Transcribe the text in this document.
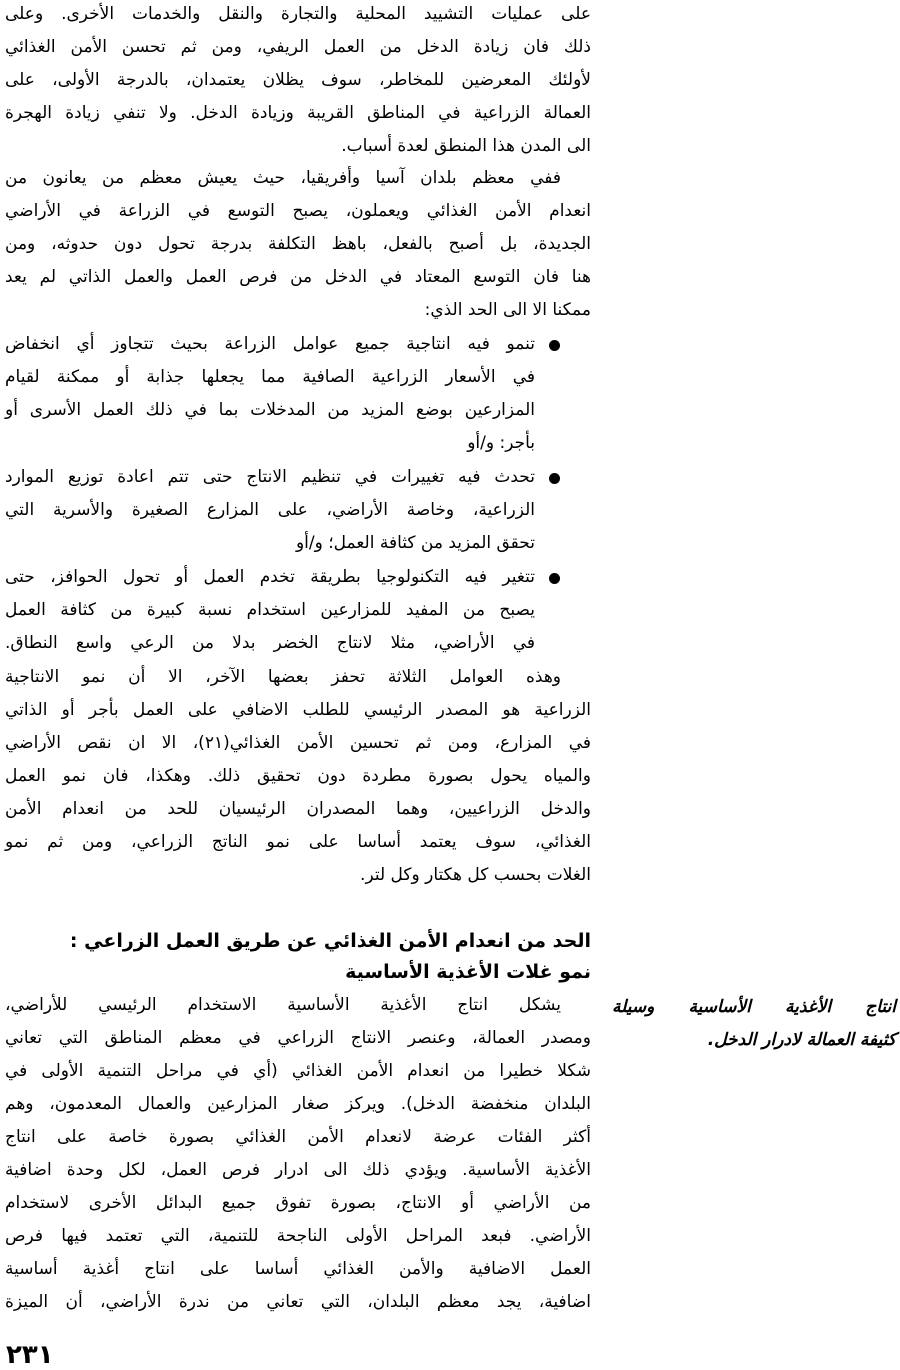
على عمليات التشييد المحلية والتجارة والنقل والخدمات الأخرى. وعلى
ذلك فان زيادة الدخل من العمل الريفي، ومن ثم تحسن الأمن الغذائي
لأولئك المعرضين للمخاطر، سوف يظلان يعتمدان، بالدرجة الأولى، على
العمالة الزراعية في المناطق القريبة وزيادة الدخل. ولا تنفي زيادة الهجرة
الى المدن هذا المنطق لعدة أسباب.
ففي معظم بلدان آسيا وأفريقيا، حيث يعيش معظم من يعانون من
انعدام الأمن الغذائي ويعملون، يصبح التوسع في الزراعة في الأراضي
الجديدة، بل أصبح بالفعل، باهظ التكلفة بدرجة تحول دون حدوثه، ومن
هنا فان التوسع المعتاد في الدخل من فرص العمل والعمل الذاتي لم يعد
ممكنا الا الى الحد الذي:
تنمو فيه انتاجية جميع عوامل الزراعة بحيث تتجاوز أي انخفاض
في الأسعار الزراعية الصافية مما يجعلها جذابة أو ممكنة لقيام
المزارعين بوضع المزيد من المدخلات بما في ذلك العمل الأسرى أو
بأجر: و/أو
تحدث فيه تغييرات في تنظيم الانتاج حتى تتم اعادة توزيع الموارد
الزراعية، وخاصة الأراضي، على المزارع الصغيرة والأسرية التي
تحقق المزيد من كثافة العمل؛ و/أو
تتغير فيه التكنولوجيا بطريقة تخدم العمل أو تحول الحوافز، حتى
يصبح من المفيد للمزارعين استخدام نسبة كبيرة من كثافة العمل
في الأراضي، مثلا لانتاج الخضر بدلا من الرعي واسع النطاق.
وهذه العوامل الثلاثة تحفز بعضها الآخر، الا أن نمو الانتاجية
الزراعية هو المصدر الرئيسي للطلب الاضافي على العمل بأجر أو الذاتي
في المزارع، ومن ثم تحسين الأمن الغذائي(٢١)، الا ان نقص الأراضي
والمياه يحول بصورة مطردة دون تحقيق ذلك. وهكذا، فان نمو العمل
والدخل الزراعيين، وهما المصدران الرئيسيان للحد من انعدام الأمن
الغذائي، سوف يعتمد أساسا على نمو الناتج الزراعي، ومن ثم نمو
الغلات بحسب كل هكتار وكل لتر.
الحد من انعدام الأمن الغذائي عن طريق العمل الزراعي :
نمو غلات الأغذية الأساسية
يشكل انتاج الأغذية الأساسية الاستخدام الرئيسي للأراضي،
ومصدر العمالة، وعنصر الانتاج الزراعي في معظم المناطق التي تعاني
شكلا خطيرا من انعدام الأمن الغذائي (أي في مراحل التنمية الأولى في
البلدان منخفضة الدخل). ويركز صغار المزارعين والعمال المعدمون، وهم
أكثر الفئات عرضة لانعدام الأمن الغذائي بصورة خاصة على انتاج
الأغذية الأساسية. ويؤدي ذلك الى ادرار فرص العمل، لكل وحدة اضافية
من الأراضي أو الانتاج، بصورة تفوق جميع البدائل الأخرى لاستخدام
الأراضي. فبعد المراحل الأولى الناجحة للتنمية، التي تعتمد فيها فرص
العمل الاضافية والأمن الغذائي أساسا على انتاج أغذية أساسية
اضافية، يجد معظم البلدان، التي تعاني من ندرة الأراضي، أن الميزة
انتاج الأغذية الأساسية وسيلة
كثيفة العمالة لادرار الدخل.
٢٣١
